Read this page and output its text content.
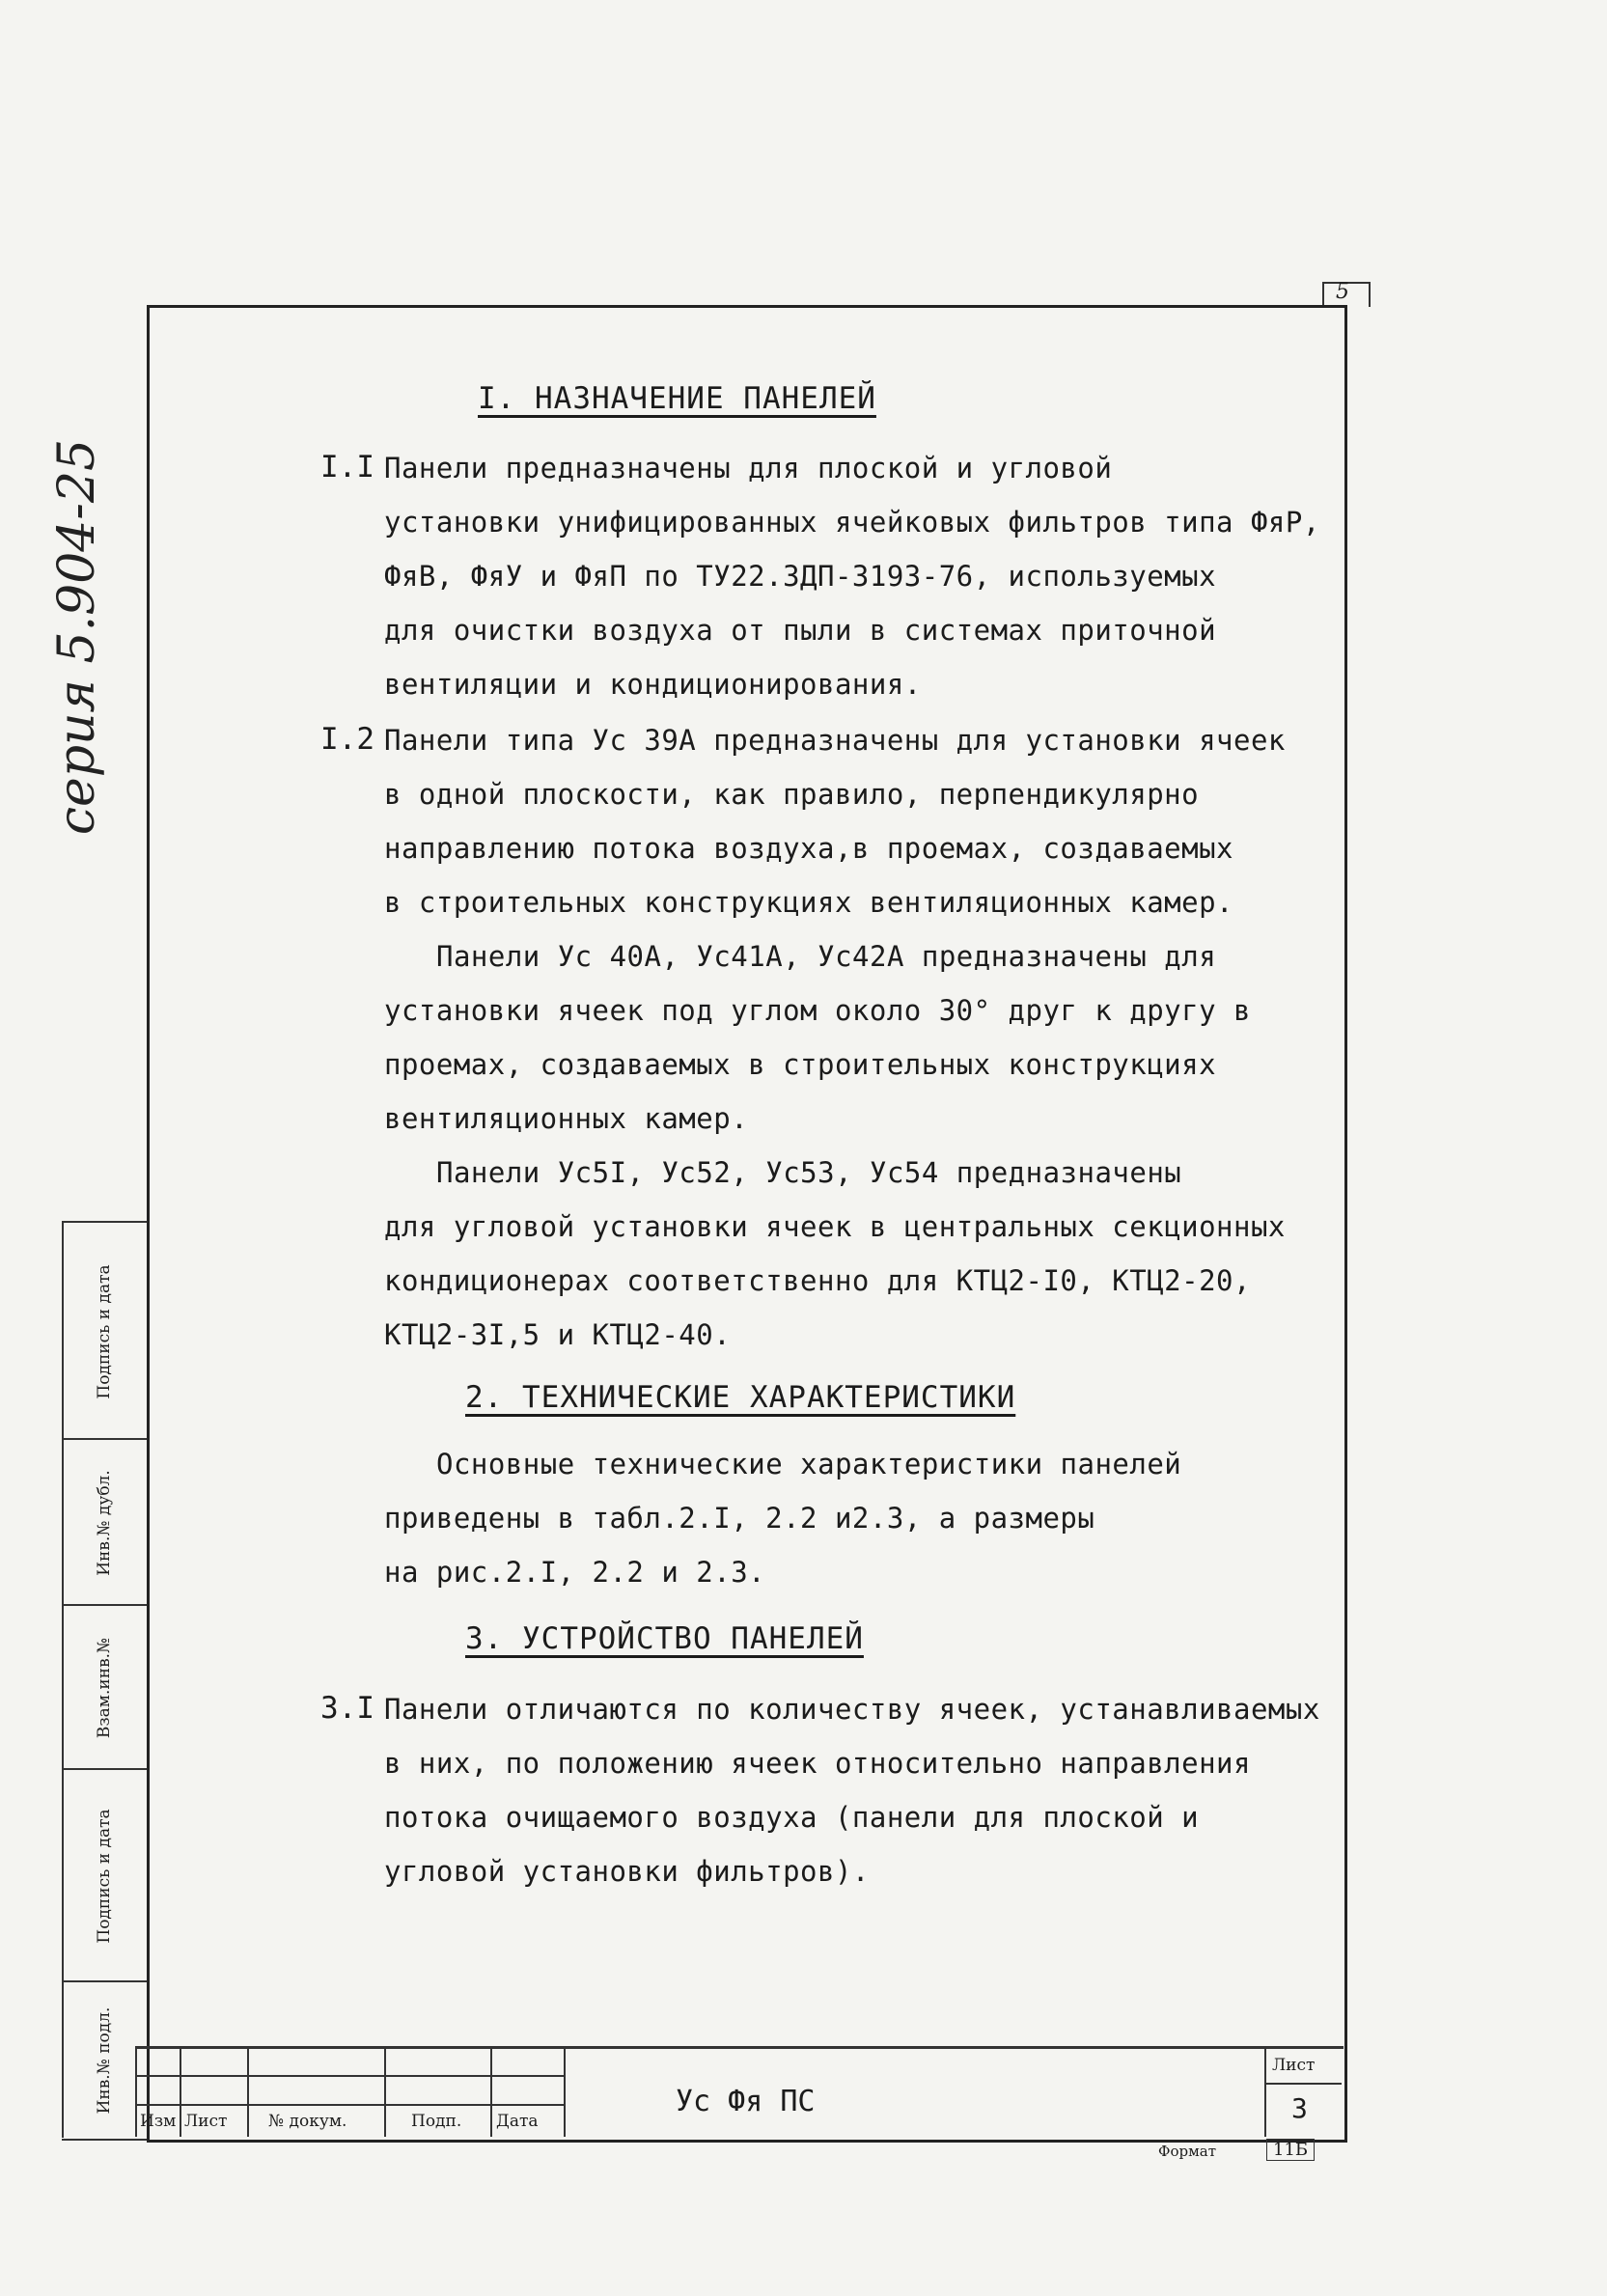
5
серия 5.904-25
Подпись и дата
Инв.№ дубл.
Взам.инв.№
Подпись и дата
Инв.№ подл.
I. НАЗНАЧЕНИЕ ПАНЕЛЕЙ
I.I Панели предназначены для плоской и угловой
установки унифицированных ячейковых фильтров типа ФяР,
ФяВ, ФяУ и ФяП по ТУ22.3ДП-3193-76, используемых
для очистки воздуха от пыли в системах приточной
вентиляции и кондиционирования.
I.2 Панели типа Ус 39А предназначены для установки ячеек
в одной плоскости, как правило, перпендикулярно
направлению потока воздуха,в проемах, создаваемых
в строительных конструкциях вентиляционных камер.
Панели Ус 40А, Ус41А, Ус42А предназначены для
установки ячеек под углом около 30° друг к другу в
проемах, создаваемых в строительных конструкциях
вентиляционных камер.
Панели Ус5I, Ус52, Ус53, Ус54 предназначены
для угловой установки ячеек в центральных секционных
кондиционерах соответственно для КТЦ2-I0, КТЦ2-20,
КТЦ2-3I,5 и КТЦ2-40.
2. ТЕХНИЧЕСКИЕ ХАРАКТЕРИСТИКИ
Основные технические характеристики панелей
приведены в табл.2.I, 2.2 и2.3, а размеры
на рис.2.I, 2.2 и 2.3.
3. УСТРОЙСТВО ПАНЕЛЕЙ
3.I Панели отличаются по количеству ячеек, устанавливаемых
в них, по положению ячеек относительно направления
потока очищаемого воздуха (панели для плоской и
угловой установки фильтров).
Изм Лист	№ докум.	Подп. Дата
Ус Фя ПС
Лист
3
Формат	11Б
